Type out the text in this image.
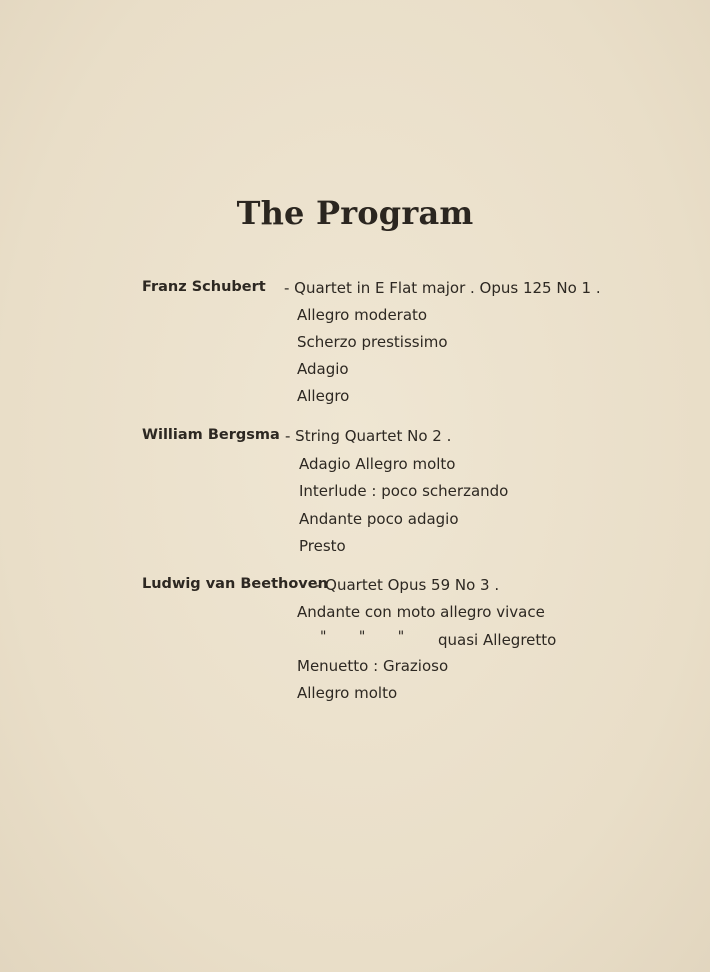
The Program
Franz Schubert - Quartet in E Flat major . Opus 125 No 1 .
Allegro moderato
Scherzo prestissimo
Adagio
Allegro
William Bergsma - String Quartet No 2 .
Adagio Allegro molto
Interlude : poco scherzando
Andante poco adagio
Presto
Ludwig van Beethoven
- Quartet Opus 59 No 3 .
Andante con moto allegro vivace
" " " quasi Allegretto
Menuetto : Grazioso
Allegro molto
